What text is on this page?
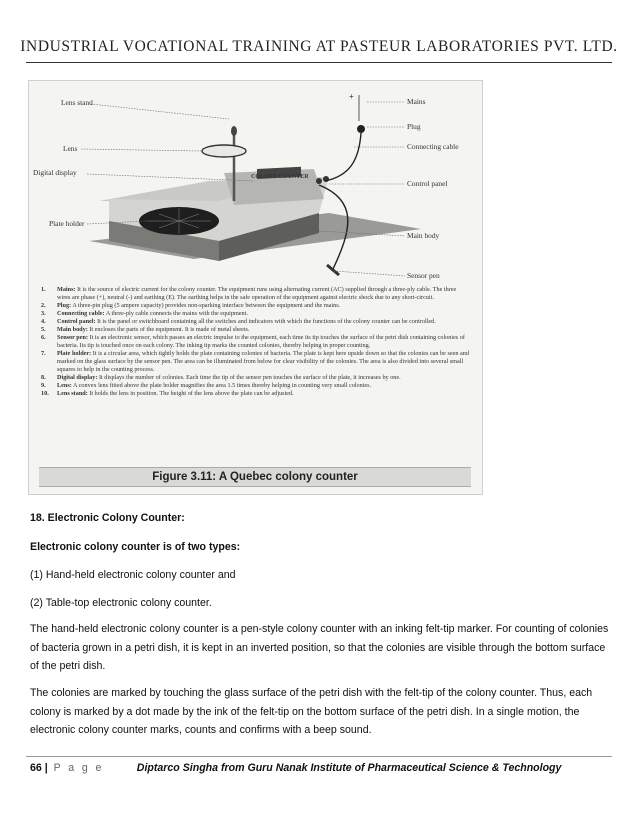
INDUSTRIAL VOCATIONAL TRAINING AT PASTEUR LABORATORIES PVT. LTD.
COLONY COUNTER
+
Lens stand
Lens
Digital display
Plate holder
Mains
Plug
Connecting cable
Control panel
Main body
Sensor pen
1.	Mains: It is the source of electric current for the colony counter. The equipment runs using alternating current (AC) supplied through a three-ply cable. The three wires are phase (+), neutral (-) and earthing (E). The earthing helps in the safe operation of the equipment against electric shock due to any short-circuit.
2.	Plug: A three-pin plug (5 ampere capacity) provides non-sparking interface between the equipment and the mains.
3.	Connecting cable: A three-ply cable connects the mains with the equipment.
4.	Control panel: It is the panel or switchboard containing all the switches and indicators with which the functions of the colony counter can be controlled.
5.	Main body: It encloses the parts of the equipment. It is made of metal sheets.
6.	Sensor pen: It is an electronic sensor, which passes an electric impulse to the equipment, each time its tip touches the surface of the petri dish containing colonies of bacteria. Its tip is touched once on each colony. The inking tip marks the counted colonies, thereby helping in proper counting.
7.	Plate holder: It is a circular area, which tightly holds the plate containing colonies of bacteria. The plate is kept here upside down so that the colonies can be seen and marked on the glass surface by the sensor pen. The area can be illuminated from below for clear visibility of the colonies. The area is also divided into several small squares to help in the counting process.
8.	Digital display: It displays the number of colonies. Each time the tip of the sensor pen touches the surface of the plate, it increases by one.
9.	Lens: A convex lens fitted above the plate holder magnifies the area 1.5 times thereby helping in counting very small colonies.
10.	Lens stand: It holds the lens in position. The height of the lens above the plate can be adjusted.
Figure 3.11: A Quebec colony counter
18. Electronic Colony Counter:
Electronic colony counter is of two types:
(1) Hand-held electronic colony counter and
(2) Table-top electronic colony counter.
The hand-held electronic colony counter is a pen-style colony counter with an inking felt-tip marker. For counting of colonies of bacteria grown in a petri dish, it is kept in an inverted position, so that the colonies are visible through the bottom surface of the petri dish.
The colonies are marked by touching the glass surface of the petri dish with the felt-tip of the colony counter. Thus, each colony is marked by a dot made by the ink of the felt-tip on the bottom surface of the petri dish. In a single motion, the electronic colony counter marks, counts and confirms with a beep sound.
66 | P a g e	Diptarco Singha from Guru Nanak Institute of Pharmaceutical Science & Technology
